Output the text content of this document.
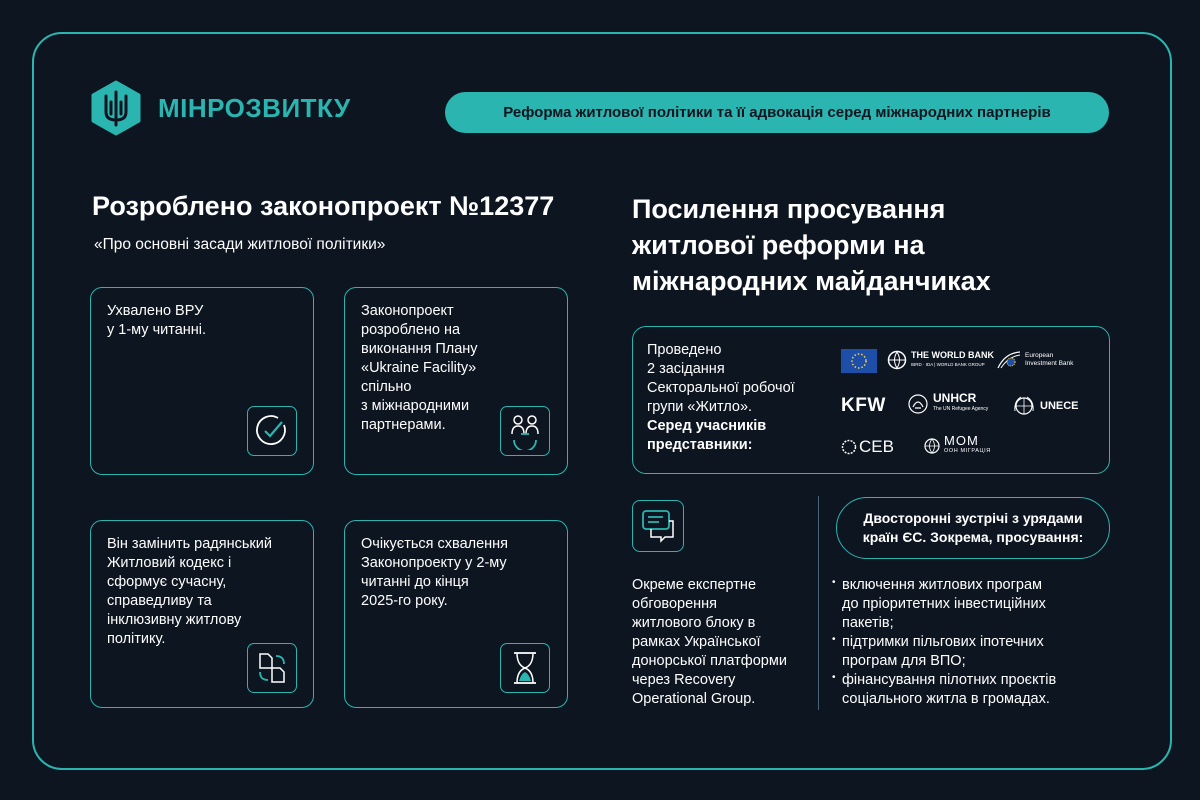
МІНРОЗВИТКУ	Реформа житлової політики та її адвокація серед міжнародних партнерів
Розроблено законопроект №12377
«Про основні засади житлової політики»
Ухвалено ВРУ
у 1-му читанні.
Законопроект
розроблено на
виконання Плану
«Ukraine Facility»
спільно
з міжнародними
партнерами.
Він замінить радянський
Житловий кодекс і
сформує сучасну,
справедливу та
інклюзивну житлову
політику.
Очікується схвалення
Законопроекту у 2-му
читанні до кінця
2025-го року.
Посилення просування
житлової реформи на
міжнародних майданчиках
Проведено
2 засідання
Секторальної робочої
групи «Житло».
Серед учасників
представники:
THE WORLD BANK
IBRD · IDA | WORLD BANK GROUP
European
Investment Bank
KFW	UNHCR
The UN Refugee Agency	UNECE
CEB	МОМ
ООН МІГРАЦІЯ
Окреме експертне
обговорення
житлового блоку в
рамках Української
донорської платформи
через Recovery
Operational Group.
Двосторонні зустрічі з урядами
країн ЄС. Зокрема, просування:
• включення житлових програм
до пріоритетних інвестиційних
пакетів;
• підтримки пільгових іпотечних
програм для ВПО;
• фінансування пілотних проєктів
соціального житла в громадах.
